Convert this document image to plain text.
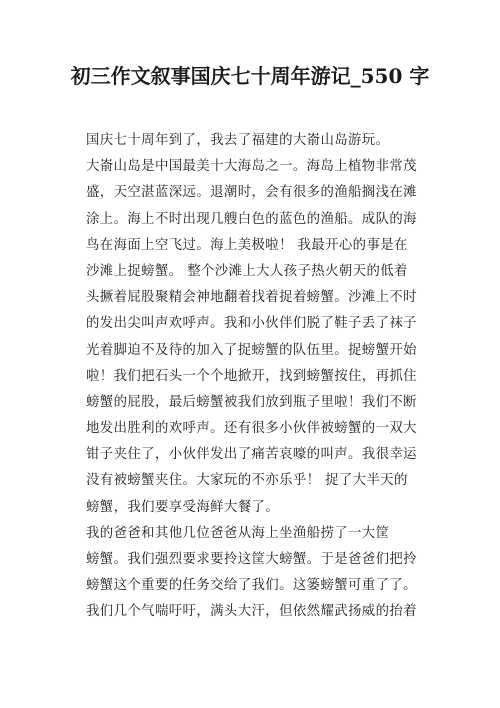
初三作文叙事国庆七十周年游记_550 字
国庆七十周年到了，我去了福建的大嵛山岛游玩。
大嵛山岛是中国最美十大海岛之一。海岛上植物非常茂
盛，天空湛蓝深远。退潮时，会有很多的渔船搁浅在滩
涂上。海上不时出现几艘白色的蓝色的渔船。成队的海
鸟在海面上空飞过。海上美极啦！ 我最开心的事是在
沙滩上捉螃蟹。 整个沙滩上大人孩子热火朝天的低着
头撅着屁股聚精会神地翻着找着捉着螃蟹。沙滩上不时
的发出尖叫声欢呼声。我和小伙伴们脱了鞋子丢了袜子
光着脚迫不及待的加入了捉螃蟹的队伍里。捉螃蟹开始
啦！我们把石头一个个地掀开，找到螃蟹按住，再抓住
螃蟹的屁股，最后螃蟹被我们放到瓶子里啦！我们不断
地发出胜利的欢呼声。还有很多小伙伴被螃蟹的一双大
钳子夹住了，小伙伴发出了痛苦哀嚎的叫声。我很幸运
没有被螃蟹夹住。大家玩的不亦乐乎！ 捉了大半天的
螃蟹，我们要享受海鲜大餐了。
我的爸爸和其他几位爸爸从海上坐渔船捞了一大筐
螃蟹。我们强烈要求要拎这筐大螃蟹。于是爸爸们把拎
螃蟹这个重要的任务交给了我们。这篓螃蟹可重了了。
我们几个气喘吁吁，满头大汗，但依然耀武扬威的抬着
